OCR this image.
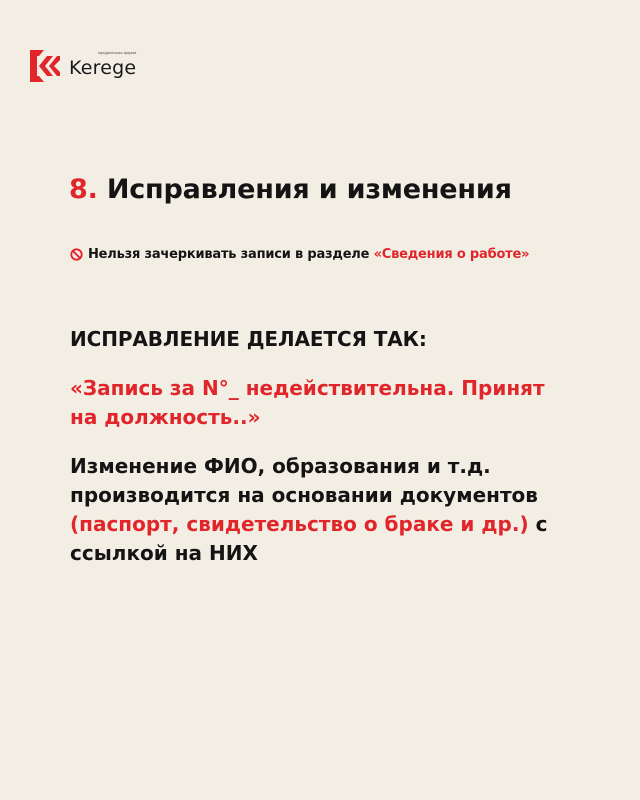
юридическая фирма
Kerege
8. Исправления и изменения
Нельзя зачеркивать записи в разделе
«Сведения о работе»
ИСПРАВЛЕНИЕ ДЕЛАЕТСЯ ТАК:
«Запись за N°_ недействительна. Принят
на должность..»
Изменение ФИО, образования и т.д.
производится на основании документов
(паспорт, свидетельство о браке и др.) с
ссылкой на НИХ
